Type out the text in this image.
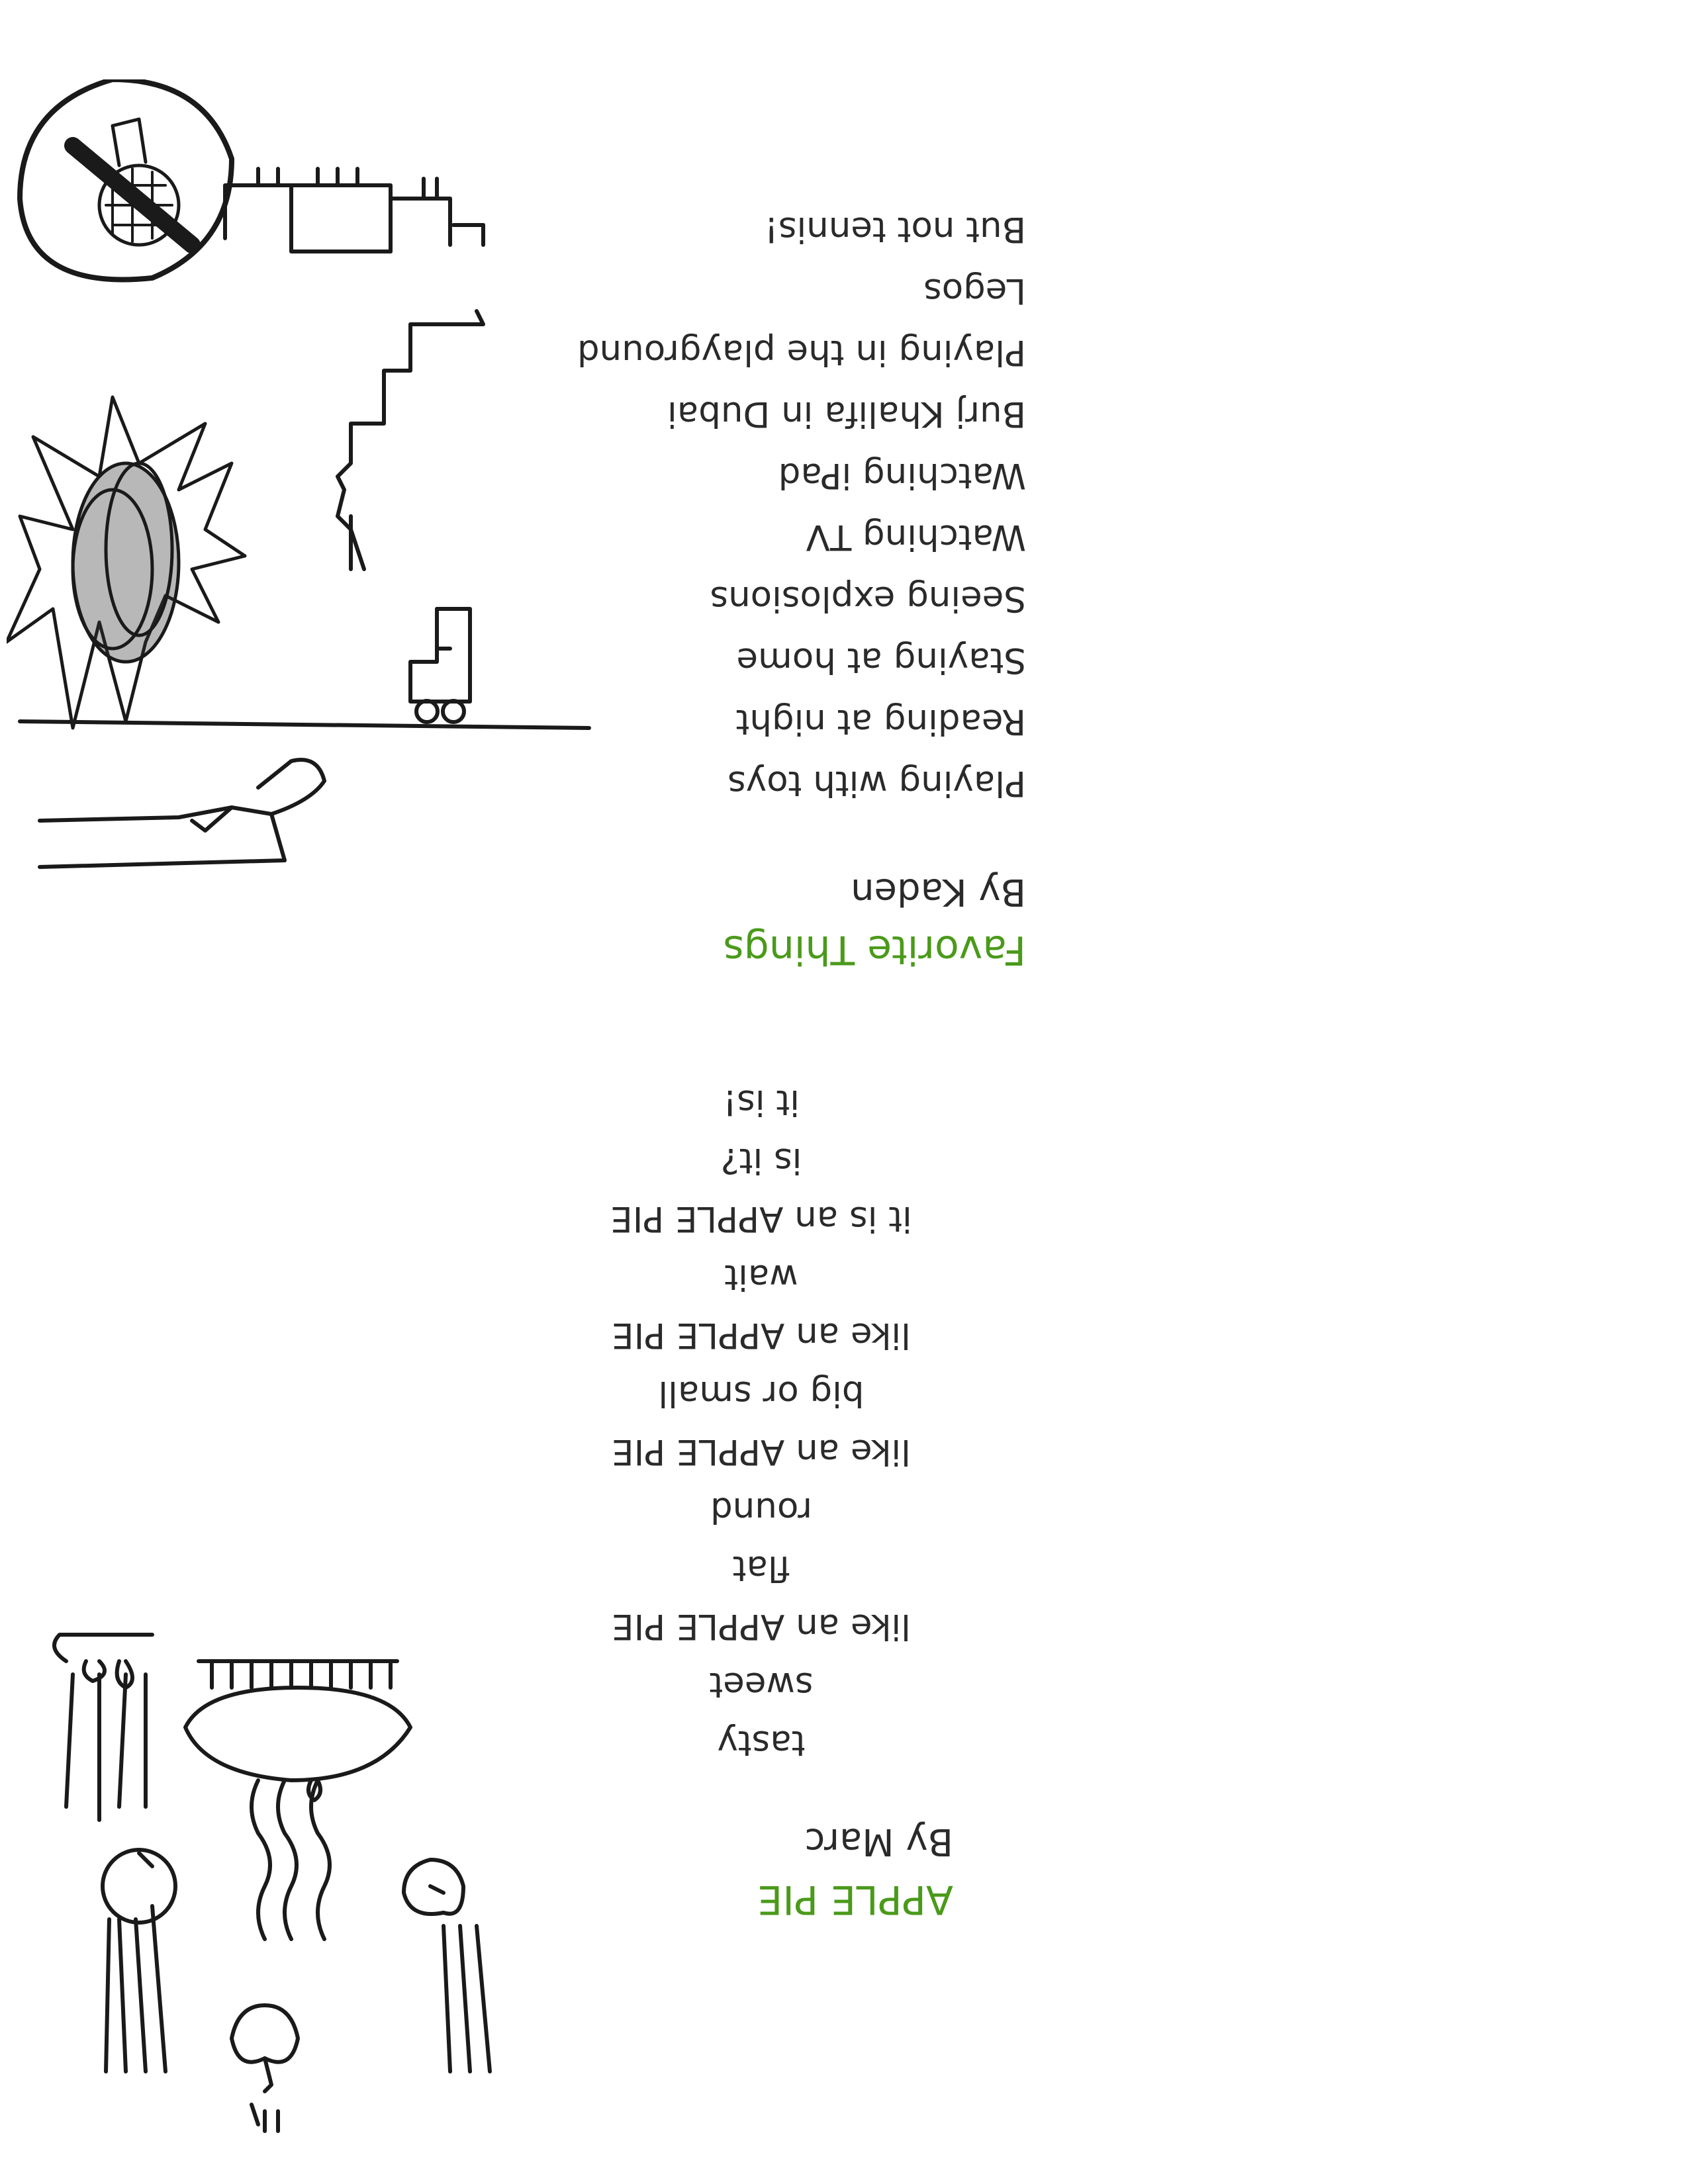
Favorite Things
By Kaden
Playing with toys
Reading at night
Staying at home
Seeing explosions
Watching TV
Watching iPad
Burj Khalifa in Dubai
Playing in the playground
Legos
But not tennis!
APPLE PIE
By Marc
tasty
sweet
like an APPLE PIE
flat
round
like an APPLE PIE
big or small
like an APPLE PIE
wait
it is an APPLE PIE
is it?
it is!
